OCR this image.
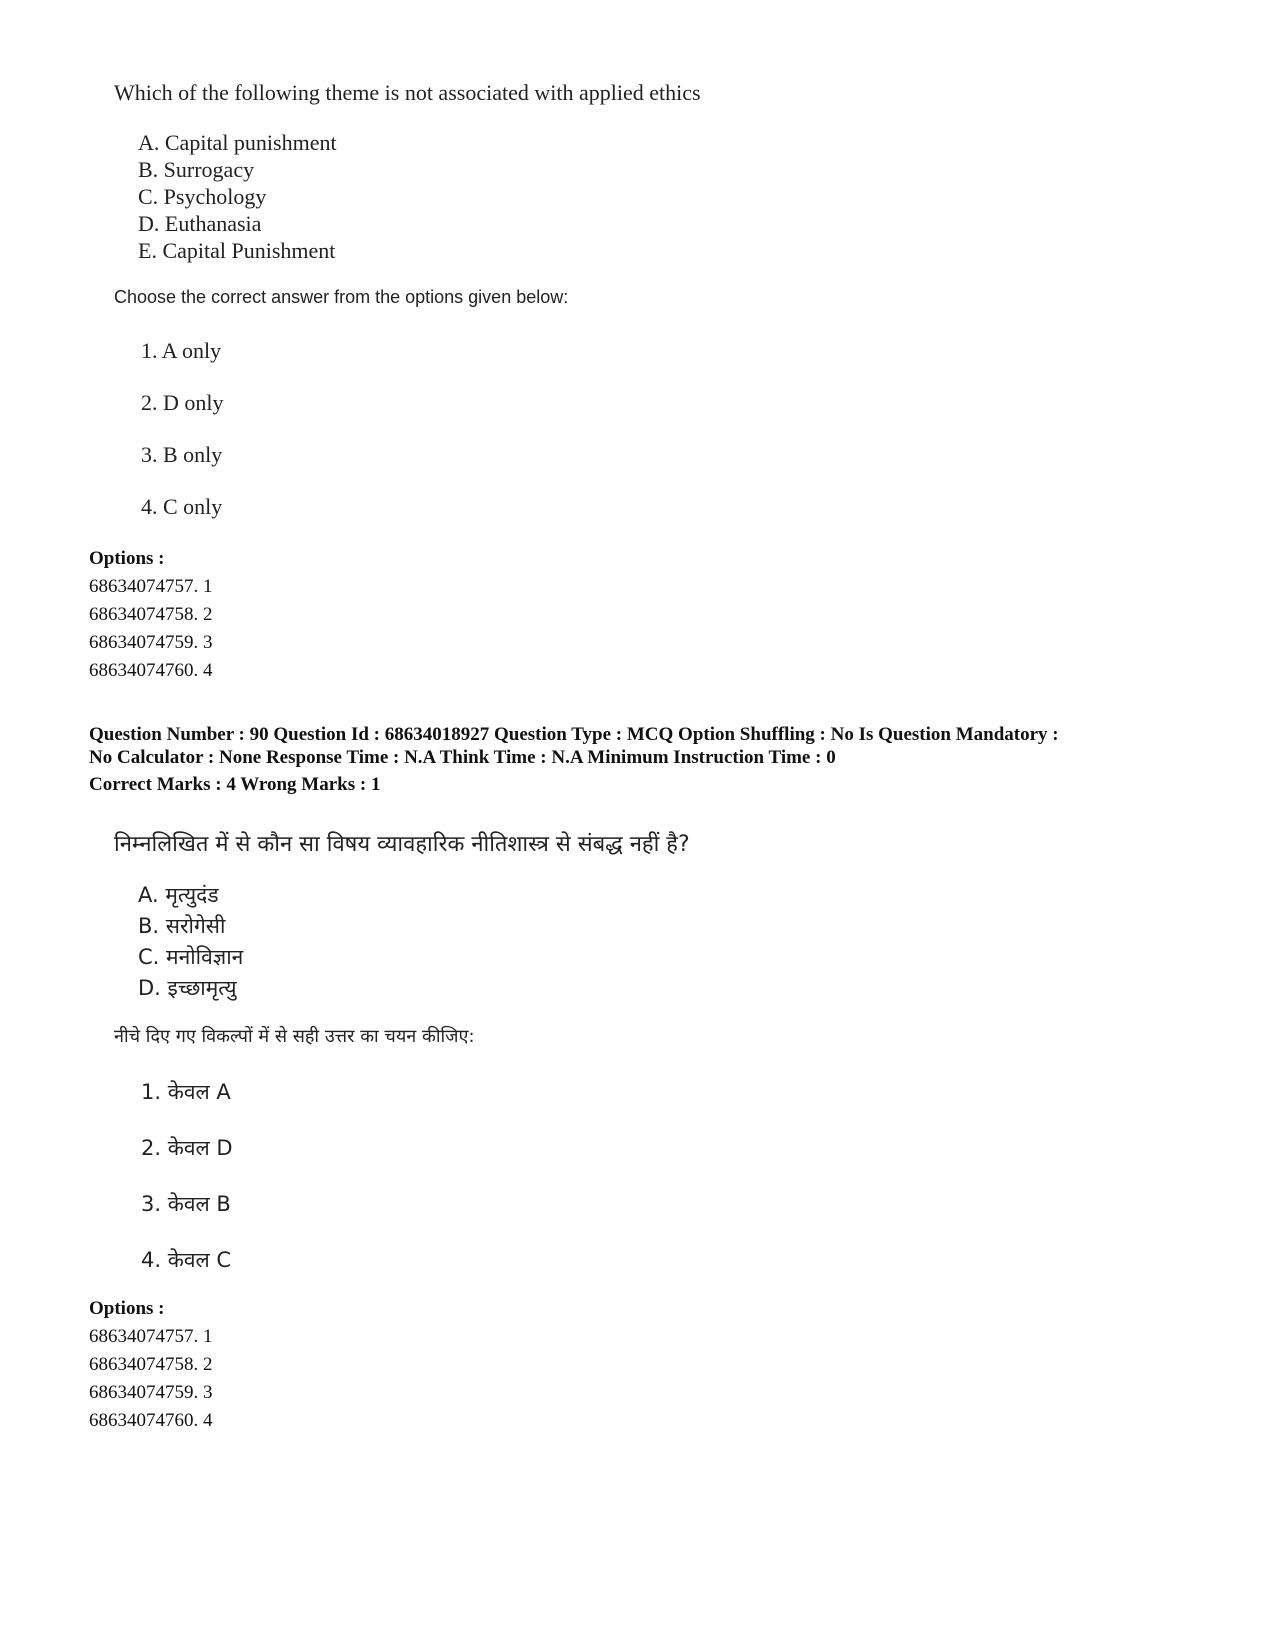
Which of the following theme is not associated with applied ethics

A. Capital punishment
B. Surrogacy
C. Psychology
D. Euthanasia
E. Capital Punishment

Choose the correct answer from the options given below:

1. A only

2. D only

3. B only

4. C only

Options :

68634074757. 1
68634074758. 2
68634074759. 3
68634074760. 4

Question Number : 90 Question Id : 68634018927 Question Type : MCQ Option Shuffling : No Is Question Mandatory :

No Calculator : None Response Time : N.A Think Time : N.A Minimum Instruction Time : 0

Correct Marks : 4 Wrong Marks : 1

निम्नलिखित में से कौन सा विषय व्यावहारिक नीतिशास्त्र से संबद्ध नहीं है?

A. मृत्युदंड
B. सरोगेसी
C. मनोविज्ञान
D. इच्छामृत्यु

नीचे दिए गए विकल्पों में से सही उत्तर का चयन कीजिए:

1. केवल A

2. केवल D

3. केवल B

4. केवल C

Options :

68634074757. 1
68634074758. 2
68634074759. 3
68634074760. 4
